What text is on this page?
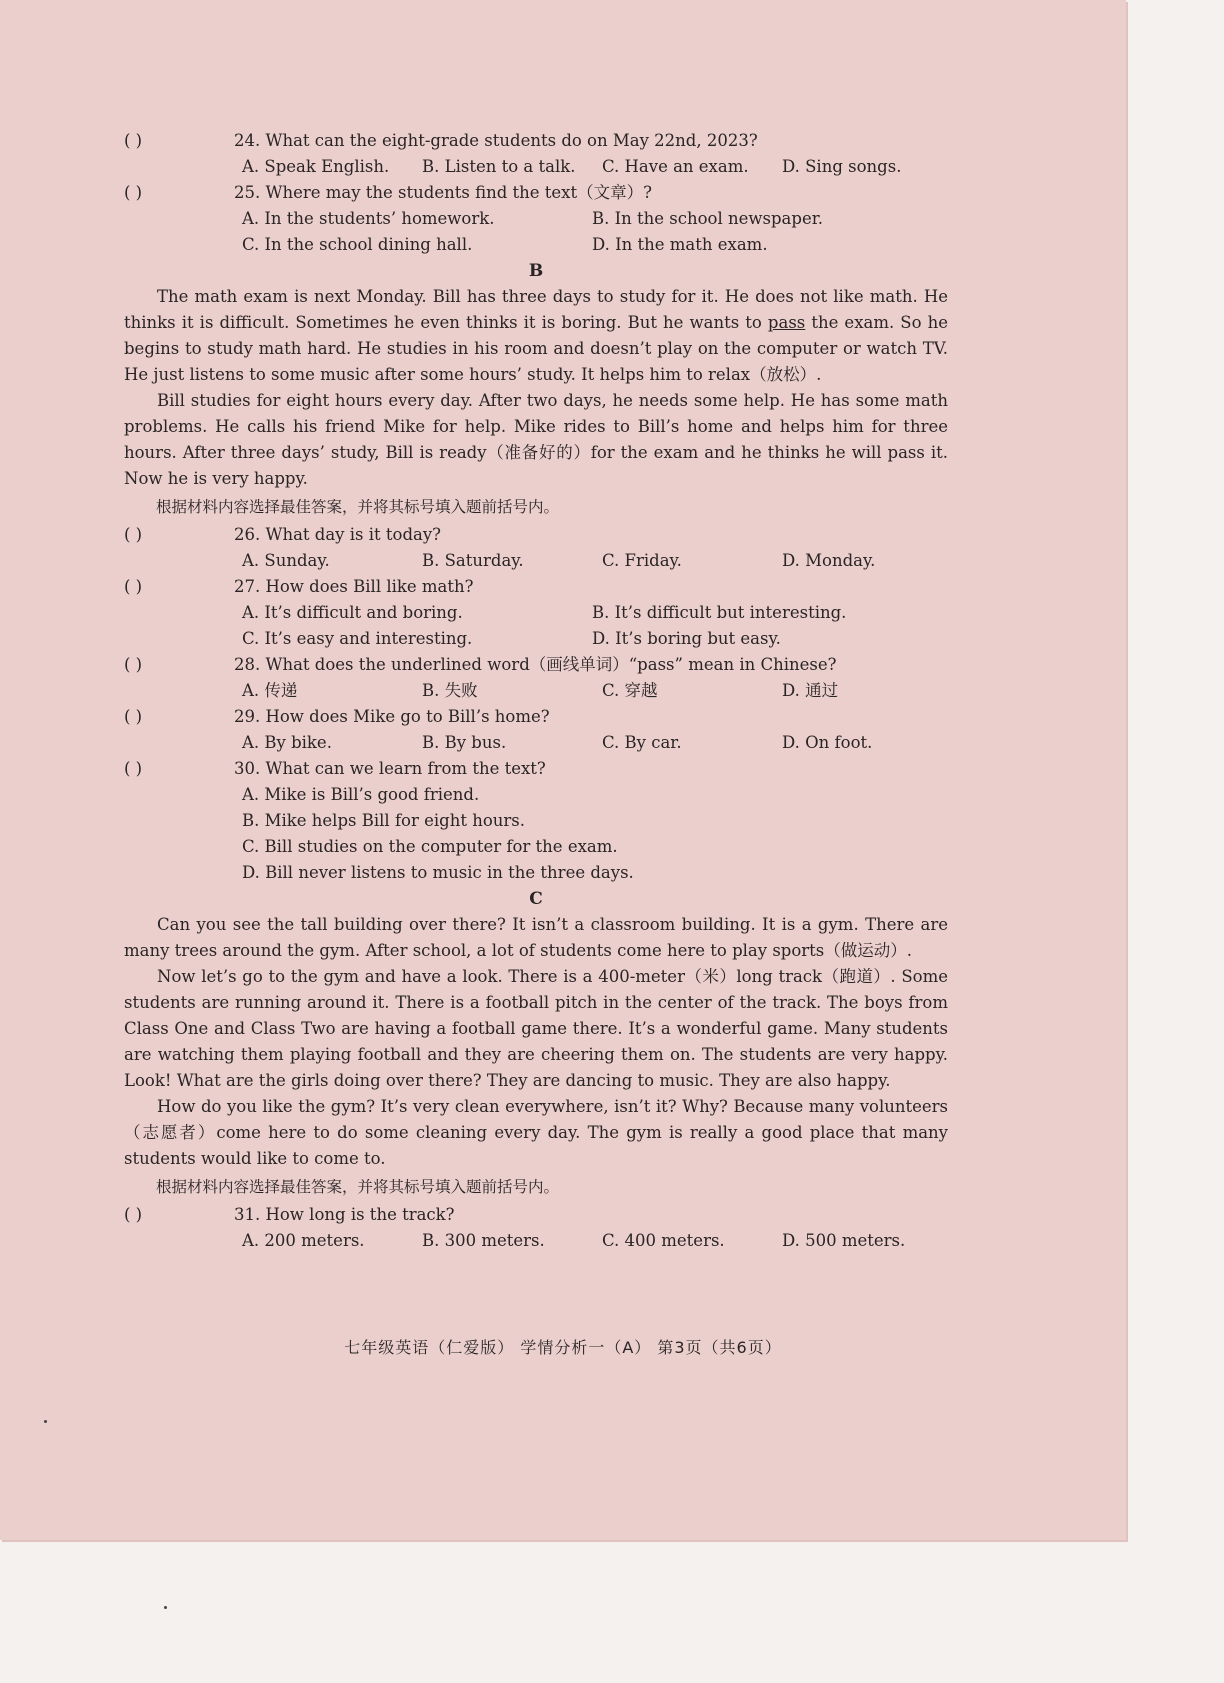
( )	24. What can the eight-grade students do on May 22nd, 2023?
A. Speak English.	B. Listen to a talk.	C. Have an exam.	D. Sing songs.
( )	25. Where may the students find the text（文章）?
A. In the students’ homework.	B. In the school newspaper.
C. In the school dining hall.	D. In the math exam.

B

The math exam is next Monday. Bill has three days to study for it. He does not like math. He thinks it is difficult. Sometimes he even thinks it is boring. But he wants to pass the exam. So he begins to study math hard. He studies in his room and doesn’t play on the computer or watch TV. He just listens to some music after some hours’ study. It helps him to relax（放松）.

Bill studies for eight hours every day. After two days, he needs some help. He has some math problems. He calls his friend Mike for help. Mike rides to Bill’s home and helps him for three hours. After three days’ study, Bill is ready（准备好的）for the exam and he thinks he will pass it. Now he is very happy.

根据材料内容选择最佳答案，并将其标号填入题前括号内。

( )	26. What day is it today?
A. Sunday.	B. Saturday.	C. Friday.	D. Monday.
( )	27. How does Bill like math?
A. It’s difficult and boring.	B. It’s difficult but interesting.
C. It’s easy and interesting.	D. It’s boring but easy.
( )	28. What does the underlined word（画线单词）“pass” mean in Chinese?
A. 传递	B. 失败	C. 穿越	D. 通过
( )	29. How does Mike go to Bill’s home?
A. By bike.	B. By bus.	C. By car.	D. On foot.
( )	30. What can we learn from the text?
A. Mike is Bill’s good friend.
B. Mike helps Bill for eight hours.
C. Bill studies on the computer for the exam.
D. Bill never listens to music in the three days.

C

Can you see the tall building over there? It isn’t a classroom building. It is a gym. There are many trees around the gym. After school, a lot of students come here to play sports（做运动）.

Now let’s go to the gym and have a look. There is a 400-meter（米）long track（跑道）. Some students are running around it. There is a football pitch in the center of the track. The boys from Class One and Class Two are having a football game there. It’s a wonderful game. Many students are watching them playing football and they are cheering them on. The students are very happy. Look! What are the girls doing over there? They are dancing to music. They are also happy.

How do you like the gym? It’s very clean everywhere, isn’t it? Why? Because many volunteers（志愿者）come here to do some cleaning every day. The gym is really a good place that many students would like to come to.

根据材料内容选择最佳答案，并将其标号填入题前括号内。

( )	31. How long is the track?
A. 200 meters.	B. 300 meters.	C. 400 meters.	D. 500 meters.
七年级英语（仁爱版） 学情分析一（A） 第3页（共6页）
